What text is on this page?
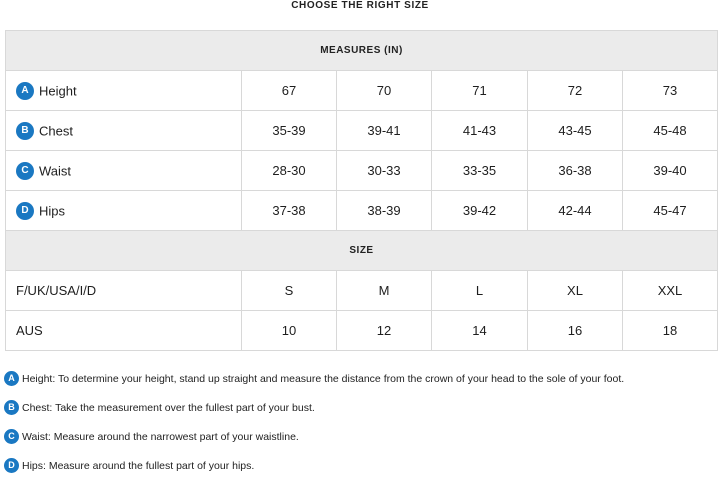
CHOOSE THE RIGHT SIZE
MEASURES (IN)					
A Height	67	70	71	72	73
B Chest	35-39	39-41	41-43	43-45	45-48
C Waist	28-30	30-33	33-35	36-38	39-40
D Hips	37-38	38-39	39-42	42-44	45-47
SIZE					
F/UK/USA/I/D	S	M	L	XL	XXL
AUS	10	12	14	16	18
A Height: To determine your height, stand up straight and measure the distance from the crown of your head to the sole of your foot.
B Chest: Take the measurement over the fullest part of your bust.
C Waist: Measure around the narrowest part of your waistline.
D Hips: Measure around the fullest part of your hips.
